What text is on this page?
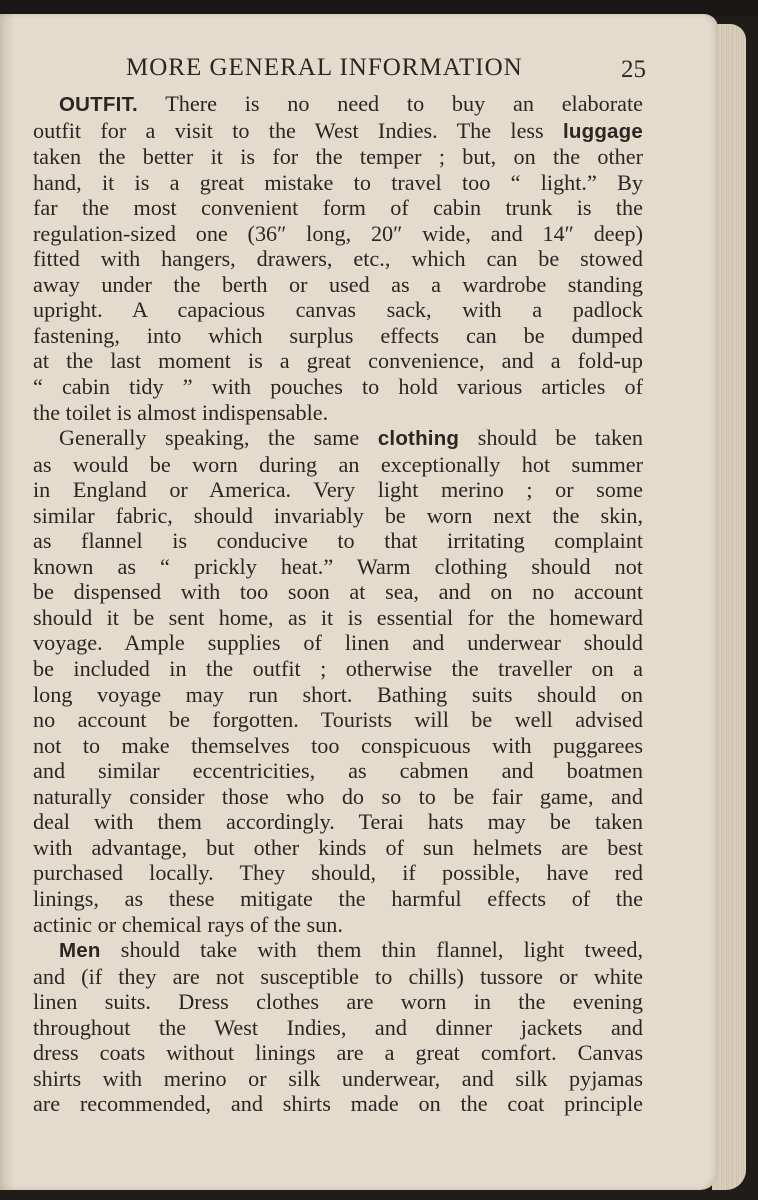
MORE GENERAL INFORMATION	25

OUTFIT. There is no need to buy an elaborate

outfit for a visit to the West Indies. The less luggage

taken the better it is for the temper ; but, on the other

hand, it is a great mistake to travel too “ light.” By

far the most convenient form of cabin trunk is the

regulation-sized one (36″ long, 20″ wide, and 14″ deep)

fitted with hangers, drawers, etc., which can be stowed

away under the berth or used as a wardrobe standing

upright. A capacious canvas sack, with a padlock

fastening, into which surplus effects can be dumped

at the last moment is a great convenience, and a fold-up

“ cabin tidy ” with pouches to hold various articles of

the toilet is almost indispensable.

Generally speaking, the same clothing should be taken

as would be worn during an exceptionally hot summer

in England or America. Very light merino ; or some

similar fabric, should invariably be worn next the skin,

as flannel is conducive to that irritating complaint

known as “ prickly heat.” Warm clothing should not

be dispensed with too soon at sea, and on no account

should it be sent home, as it is essential for the homeward

voyage. Ample supplies of linen and underwear should

be included in the outfit ; otherwise the traveller on a

long voyage may run short. Bathing suits should on

no account be forgotten. Tourists will be well advised

not to make themselves too conspicuous with puggarees

and similar eccentricities, as cabmen and boatmen

naturally consider those who do so to be fair game, and

deal with them accordingly. Terai hats may be taken

with advantage, but other kinds of sun helmets are best

purchased locally. They should, if possible, have red

linings, as these mitigate the harmful effects of the

actinic or chemical rays of the sun.

Men should take with them thin flannel, light tweed,

and (if they are not susceptible to chills) tussore or white

linen suits. Dress clothes are worn in the evening

throughout the West Indies, and dinner jackets and

dress coats without linings are a great comfort. Canvas

shirts with merino or silk underwear, and silk pyjamas

are recommended, and shirts made on the coat principle
